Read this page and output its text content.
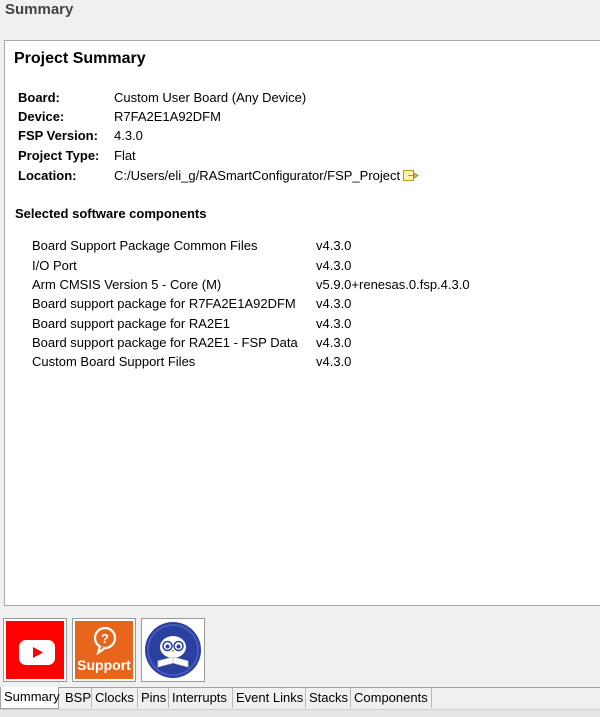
Summary
Project Summary
Board:	Custom User Board (Any Device)
Device:	R7FA2E1A92DFM
FSP Version: 4.3.0
Project Type: Flat
Location:	C:/Users/eli_g/RASmartConfigurator/FSP_Project
Selected software components
Board Support Package Common Files	v4.3.0
I/O Port	v4.3.0
Arm CMSIS Version 5 - Core (M)	v5.9.0+renesas.0.fsp.4.3.0
Board support package for R7FA2E1A92DFM v4.3.0
Board support package for RA2E1	v4.3.0
Board support package for RA2E1 - FSP Data v4.3.0
Custom Board Support Files	v4.3.0
?
Support
Summary BSP Clocks Pins Interrupts Event Links Stacks Components
